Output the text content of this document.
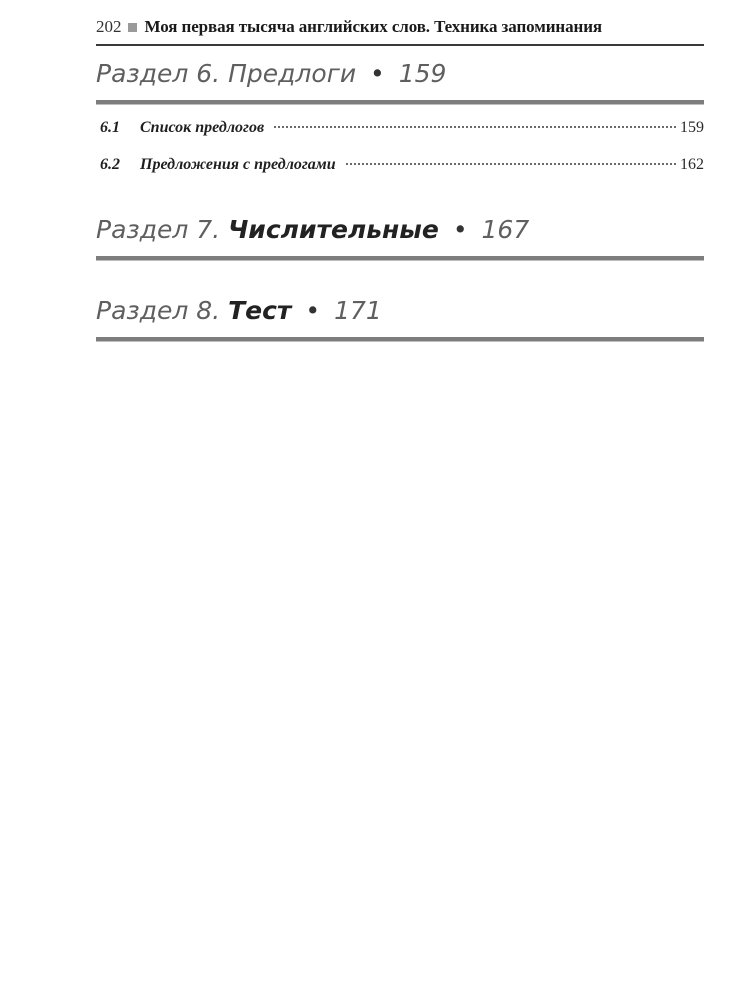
202 Моя первая тысяча английских слов. Техника запоминания
Раздел 6. Предлоги • 159
6.1	Список предлогов	159
6.2	Предложения с предлогами	162
Раздел 7. Числительные • 167
Раздел 8. Тест • 171
